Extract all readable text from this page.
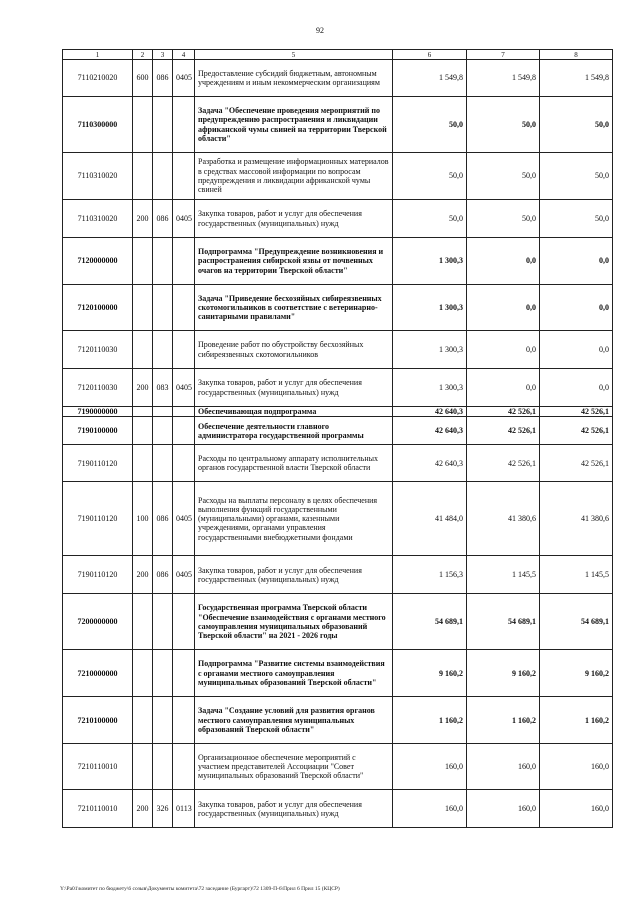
92
1	2	3	4	5	6	7	8
7110210020	600	086	0405	Предоставление субсидий бюджетным, автономным учреждениям и иным некоммерческим организациям	1 549,8	1 549,8	1 549,8
7110300000				Задача "Обеспечение проведения мероприятий по предупреждению распространения и ликвидации африканской чумы свиней на территории Тверской области"	50,0	50,0	50,0
7110310020				Разработка и размещение информационных материалов в средствах массовой информации по вопросам предупреждения и ликвидации африканской чумы свиней	50,0	50,0	50,0
7110310020	200	086	0405	Закупка товаров, работ и услуг для обеспечения государственных (муниципальных) нужд	50,0	50,0	50,0
7120000000				Подпрограмма "Предупреждение возникновения и распространения сибирской язвы от почвенных очагов на территории Тверской области"	1 300,3	0,0	0,0
7120100000				Задача "Приведение бесхозяйных сибиреязвенных скотомогильников в соответствие с ветеринарно-санитарными правилами"	1 300,3	0,0	0,0
7120110030				Проведение работ по обустройству бесхозяйных сибиреязвенных скотомогильников	1 300,3	0,0	0,0
7120110030	200	083	0405	Закупка товаров, работ и услуг для обеспечения государственных (муниципальных) нужд	1 300,3	0,0	0,0
7190000000				Обеспечивающая подпрограмма	42 640,3	42 526,1	42 526,1
7190100000				Обеспечение деятельности главного администратора государственной программы	42 640,3	42 526,1	42 526,1
7190110120				Расходы по центральному аппарату исполнительных органов государственной власти Тверской области	42 640,3	42 526,1	42 526,1
7190110120	100	086	0405	Расходы на выплаты персоналу в целях обеспечения выполнения функций государственными (муниципальными) органами, казенными учреждениями, органами управления государственными внебюджетными фондами	41 484,0	41 380,6	41 380,6
7190110120	200	086	0405	Закупка товаров, работ и услуг для обеспечения государственных (муниципальных) нужд	1 156,3	1 145,5	1 145,5
7200000000				Государственная программа Тверской области "Обеспечение взаимодействия с органами местного самоуправления муниципальных образований Тверской области" на 2021 - 2026 годы	54 689,1	54 689,1	54 689,1
7210000000				Подпрограмма "Развитие системы взаимодействия с органами местного самоуправления муниципальных образований Тверской области"	9 160,2	9 160,2	9 160,2
7210100000				Задача "Создание условий для развития органов местного самоуправления муниципальных образований Тверской области"	1 160,2	1 160,2	1 160,2
7210110010				Организационное обеспечение мероприятий с участием представителей Ассоциации "Совет муниципальных образований Тверской области"	160,0	160,0	160,0
7210110010	200	326	0113	Закупка товаров, работ и услуг для обеспечения государственных (муниципальных) нужд	160,0	160,0	160,0
Y:\Pa01\комитет по бюджету\6 созыв\Документы комитета\72 заседание (Бургарт)\72 1309-П-6\Прил 6 Прил 15 (КЦСР)
